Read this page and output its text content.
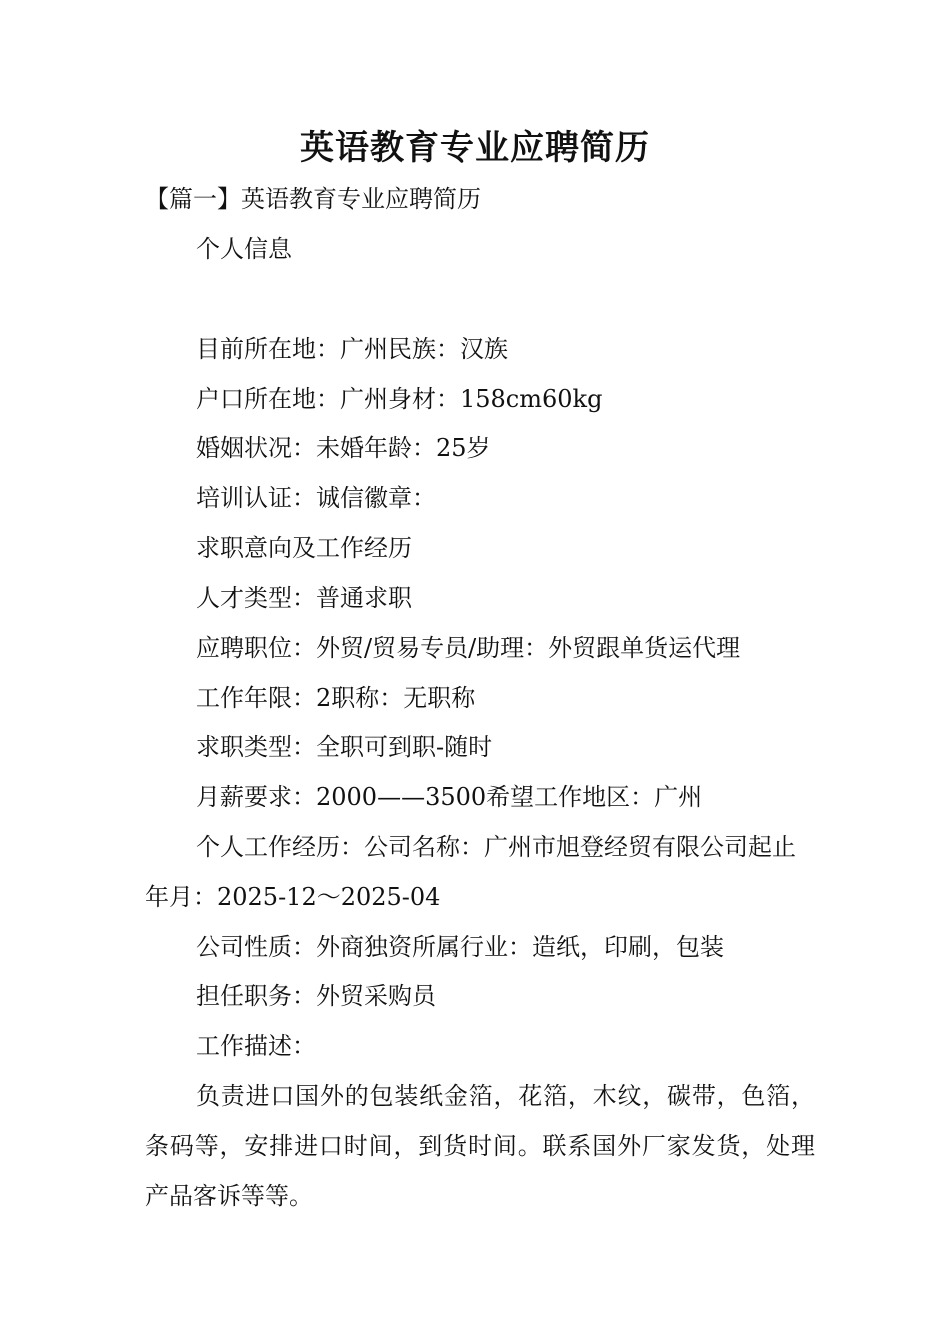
英语教育专业应聘简历
【篇一】英语教育专业应聘简历
个人信息
目前所在地：广州民族：汉族
户口所在地：广州身材：158cm60kg
婚姻状况：未婚年龄：25岁
培训认证：诚信徽章：
求职意向及工作经历
人才类型：普通求职
应聘职位：外贸/贸易专员/助理：外贸跟单货运代理
工作年限：2职称：无职称
求职类型：全职可到职-随时
月薪要求：2000——3500希望工作地区：广州
个人工作经历：公司名称：广州市旭登经贸有限公司起止年月：2025-12～2025-04
公司性质：外商独资所属行业：造纸，印刷，包装
担任职务：外贸采购员
工作描述：
负责进口国外的包装纸金箔，花箔，木纹，碳带，色箔，条码等，安排进口时间，到货时间。联系国外厂家发货，处理产品客诉等等。
